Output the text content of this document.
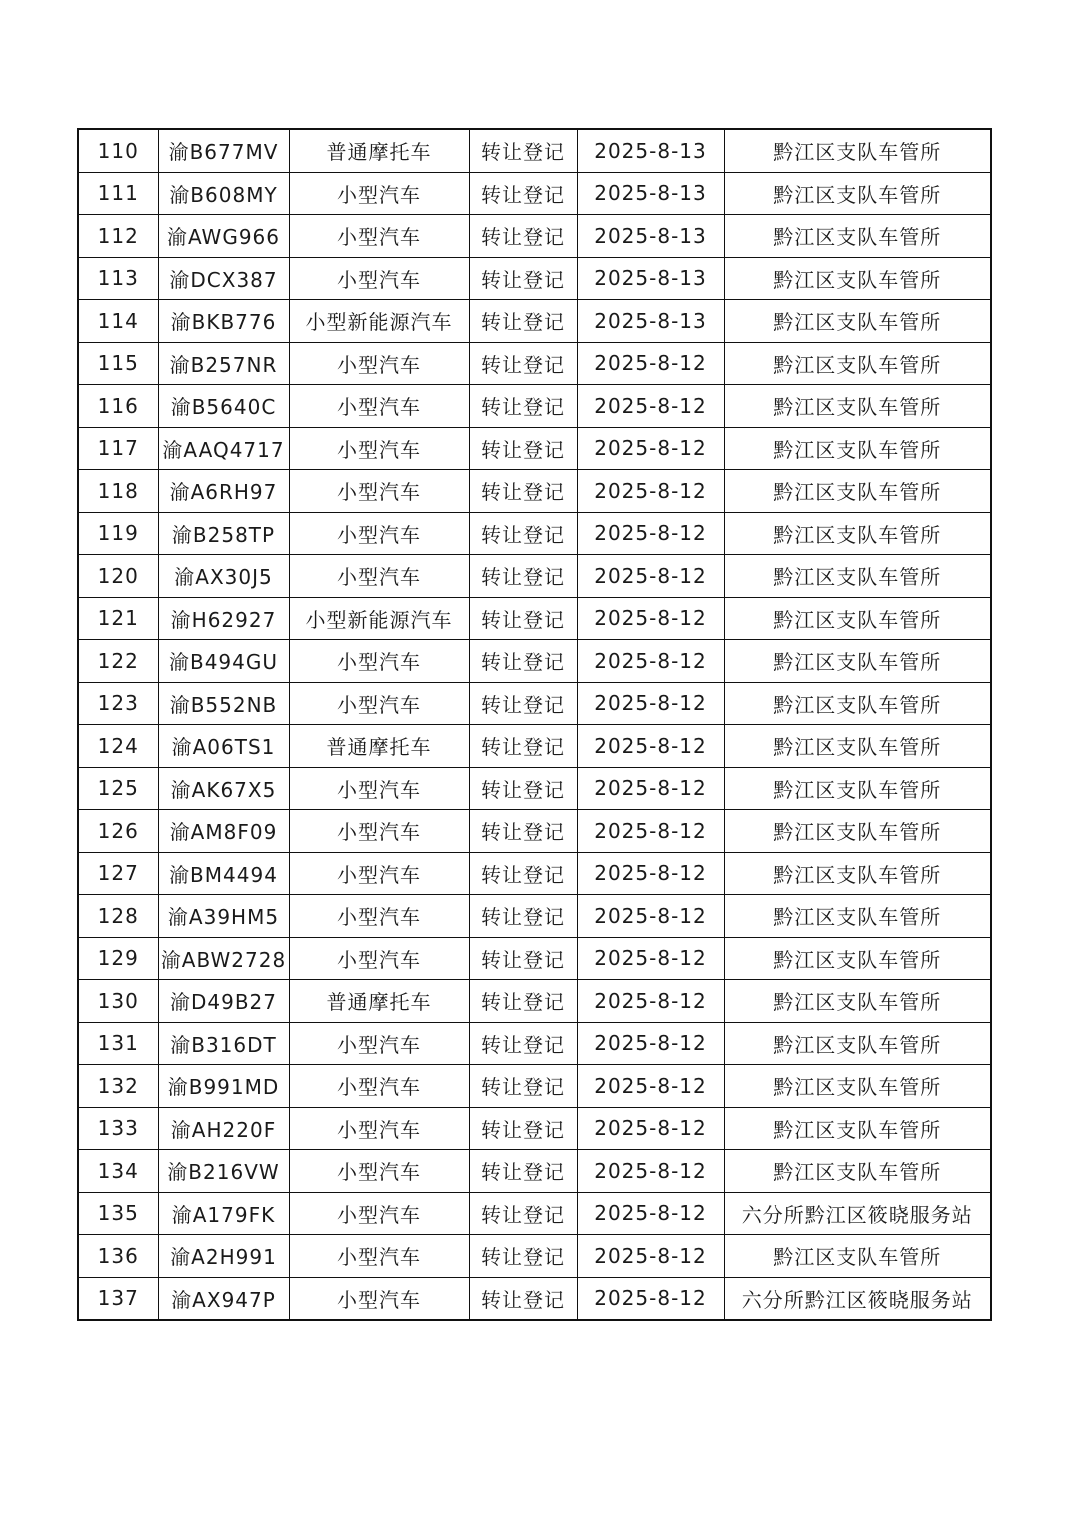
110	渝B677MV	普通摩托车	转让登记	2025-8-13	黔江区支队车管所
111	渝B608MY	小型汽车	转让登记	2025-8-13	黔江区支队车管所
112	渝AWG966	小型汽车	转让登记	2025-8-13	黔江区支队车管所
113	渝DCX387	小型汽车	转让登记	2025-8-13	黔江区支队车管所
114	渝BKB776	小型新能源汽车	转让登记	2025-8-13	黔江区支队车管所
115	渝B257NR	小型汽车	转让登记	2025-8-12	黔江区支队车管所
116	渝B5640C	小型汽车	转让登记	2025-8-12	黔江区支队车管所
117	渝AAQ4717	小型汽车	转让登记	2025-8-12	黔江区支队车管所
118	渝A6RH97	小型汽车	转让登记	2025-8-12	黔江区支队车管所
119	渝B258TP	小型汽车	转让登记	2025-8-12	黔江区支队车管所
120	渝AX30J5	小型汽车	转让登记	2025-8-12	黔江区支队车管所
121	渝H62927	小型新能源汽车	转让登记	2025-8-12	黔江区支队车管所
122	渝B494GU	小型汽车	转让登记	2025-8-12	黔江区支队车管所
123	渝B552NB	小型汽车	转让登记	2025-8-12	黔江区支队车管所
124	渝A06TS1	普通摩托车	转让登记	2025-8-12	黔江区支队车管所
125	渝AK67X5	小型汽车	转让登记	2025-8-12	黔江区支队车管所
126	渝AM8F09	小型汽车	转让登记	2025-8-12	黔江区支队车管所
127	渝BM4494	小型汽车	转让登记	2025-8-12	黔江区支队车管所
128	渝A39HM5	小型汽车	转让登记	2025-8-12	黔江区支队车管所
129	渝ABW2728	小型汽车	转让登记	2025-8-12	黔江区支队车管所
130	渝D49B27	普通摩托车	转让登记	2025-8-12	黔江区支队车管所
131	渝B316DT	小型汽车	转让登记	2025-8-12	黔江区支队车管所
132	渝B991MD	小型汽车	转让登记	2025-8-12	黔江区支队车管所
133	渝AH220F	小型汽车	转让登记	2025-8-12	黔江区支队车管所
134	渝B216VW	小型汽车	转让登记	2025-8-12	黔江区支队车管所
135	渝A179FK	小型汽车	转让登记	2025-8-12	六分所黔江区筱晓服务站
136	渝A2H991	小型汽车	转让登记	2025-8-12	黔江区支队车管所
137	渝AX947P	小型汽车	转让登记	2025-8-12	六分所黔江区筱晓服务站
